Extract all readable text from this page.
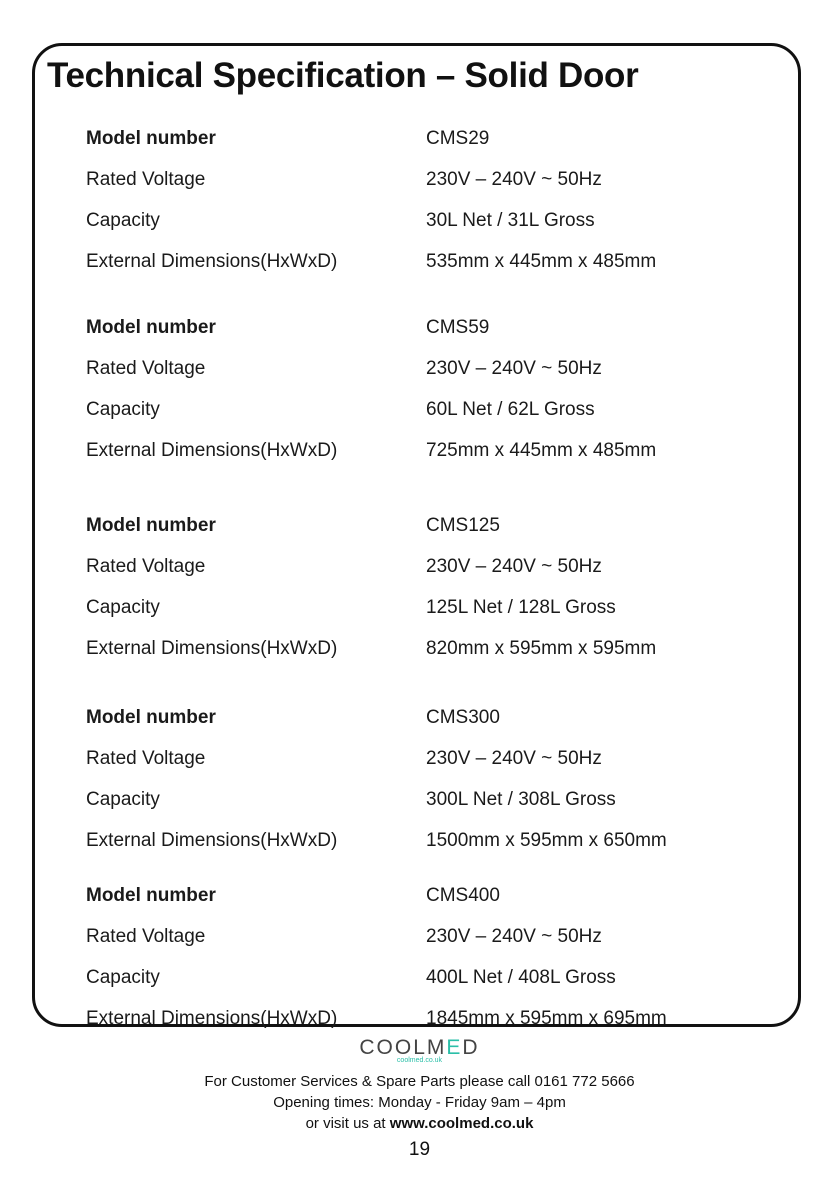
Technical Specification – Solid Door
Model number	CMS29
Rated Voltage	230V – 240V ~ 50Hz
Capacity	30L Net / 31L Gross
External Dimensions(HxWxD)	535mm x 445mm x 485mm
Model number	CMS59
Rated Voltage	230V – 240V ~ 50Hz
Capacity	60L Net / 62L Gross
External Dimensions(HxWxD)	725mm x 445mm x 485mm
Model number	CMS125
Rated Voltage	230V – 240V ~ 50Hz
Capacity	125L Net / 128L Gross
External Dimensions(HxWxD)	820mm x 595mm x 595mm
Model number	CMS300
Rated Voltage	230V – 240V ~ 50Hz
Capacity	300L Net / 308L Gross
External Dimensions(HxWxD)	1500mm x 595mm x 650mm
Model number	CMS400
Rated Voltage	230V – 240V ~ 50Hz
Capacity	400L Net / 408L Gross
External Dimensions(HxWxD)	1845mm x 595mm x 695mm
COOLMED
coolmed.co.uk
For Customer Services & Spare Parts please call 0161 772 5666
Opening times: Monday - Friday 9am – 4pm
or visit us at www.coolmed.co.uk
19
